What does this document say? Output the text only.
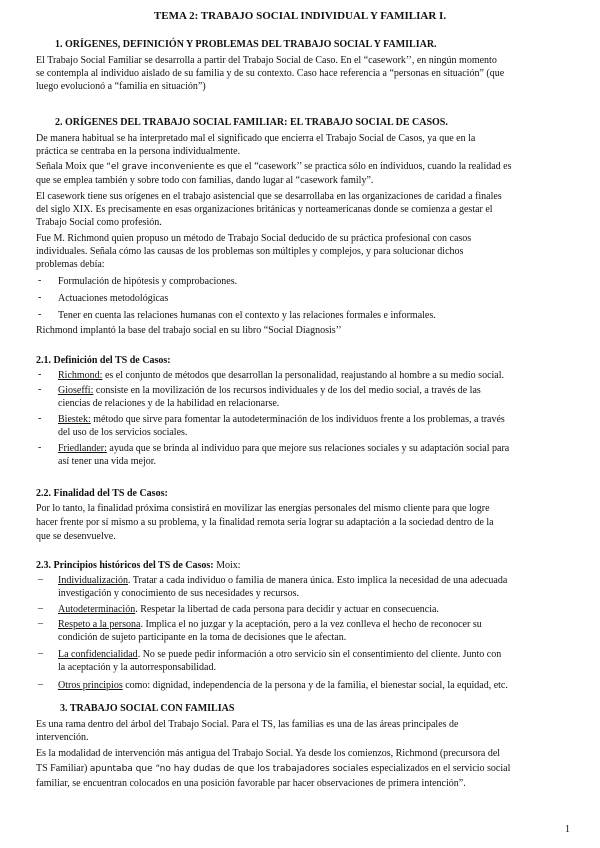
TEMA 2: TRABAJO SOCIAL INDIVIDUAL Y FAMILIAR I.
1. ORÍGENES, DEFINICIÓN Y PROBLEMAS DEL TRABAJO SOCIAL Y FAMILIAR.
El Trabajo Social Familiar se desarrolla a partir del Trabajo Social de Caso. En el “casework’’, en ningún momento
se contempla al individuo aislado de su familia y de su contexto. Caso hace referencia a “personas en situación” (que
luego evolucionó a “familia en situación”)
2. ORÍGENES DEL TRABAJO SOCIAL FAMILIAR: EL TRABAJO SOCIAL DE CASOS.
De manera habitual se ha interpretado mal el significado que encierra el Trabajo Social de Casos, ya que en la
práctica se centraba en la persona individualmente.
Señala Moix que “el grave inconveniente es que el “casework’’ se practica sólo en individuos, cuando la realidad es
que se emplea también y sobre todo con familias, dando lugar al “casework family”.
El casework tiene sus orígenes en el trabajo asistencial que se desarrollaba en las organizaciones de caridad a finales
del siglo XIX. Es precisamente en esas organizaciones británicas y norteamericanas donde se comienza a gestar el
Trabajo Social como profesión.
Fue M. Richmond quien propuso un método de Trabajo Social deducido de su práctica profesional con casos
individuales. Señala cómo las causas de los problemas son múltiples y complejos, y para solucionar dichos
problemas debía:
- Formulación de hipótesis y comprobaciones.
- Actuaciones metodológicas
- Tener en cuenta las relaciones humanas con el contexto y las relaciones formales e informales.
Richmond implantó la base del trabajo social en su libro “Social Diagnosis’’
2.1. Definición del TS de Casos:
- Richmond: es el conjunto de métodos que desarrollan la personalidad, reajustando al hombre a su medio social.
- Gioseffi: consiste en la movilización de los recursos individuales y de los del medio social, a través de las
ciencias de relaciones y de la habilidad en relacionarse.
- Biestek: método que sirve para fomentar la autodeterminación de los individuos frente a los problemas, a través
del uso de los servicios sociales.
- Friedlander: ayuda que se brinda al individuo para que mejore sus relaciones sociales y su adaptación social para
así tener una vida mejor.
2.2. Finalidad del TS de Casos:
Por lo tanto, la finalidad próxima consistirá en movilizar las energías personales del mismo cliente para que logre
hacer frente por sí mismo a su problema, y la finalidad remota sería lograr su adaptación a la sociedad dentro de la
que se desenvuelve.
2.3. Principios históricos del TS de Casos: Moix:
– Individualización. Tratar a cada individuo o familia de manera única. Esto implica la necesidad de una adecuada
investigación y conocimiento de sus necesidades y recursos.
– Autodeterminación. Respetar la libertad de cada persona para decidir y actuar en consecuencia.
– Respeto a la persona. Implica el no juzgar y la aceptación, pero a la vez conlleva el hecho de reconocer su
condición de sujeto participante en la toma de decisiones que le afectan.
– La confidencialidad. No se puede pedir información a otro servicio sin el consentimiento del cliente. Junto con
la aceptación y la autorresponsabilidad.
– Otros principios como: dignidad, independencia de la persona y de la familia, el bienestar social, la equidad, etc.
3. TRABAJO SOCIAL CON FAMILIAS
Es una rama dentro del árbol del Trabajo Social. Para el TS, las familias es una de las áreas principales de
intervención.
Es la modalidad de intervención más antigua del Trabajo Social. Ya desde los comienzos, Richmond (precursora del
TS Familiar) apuntaba que “no hay dudas de que los trabajadores sociales especializados en el servicio social
familiar, se encuentran colocados en una posición favorable par hacer observaciones de primera intención”.
1
